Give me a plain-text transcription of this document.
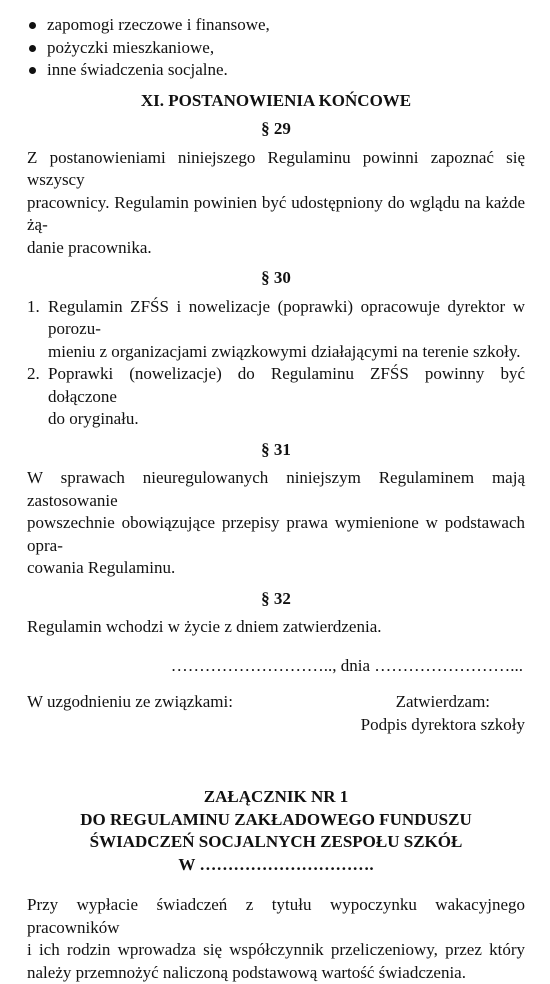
zapomogi rzeczowe i finansowe,
pożyczki mieszkaniowe,
inne świadczenia socjalne.
XI. POSTANOWIENIA KOŃCOWE
§ 29

Z postanowieniami niniejszego Regulaminu powinni zapoznać się wszyscy

pracownicy. Regulamin powinien być udostępniony do wglądu na każde żą-

danie pracownika.

§ 30
1. Regulamin ZFŚS i nowelizacje (poprawki) opracowuje dyrektor w porozu-
mieniu z organizacjami związkowymi działającymi na terenie szkoły.
2. Poprawki (nowelizacje) do Regulaminu ZFŚS powinny być dołączone
do oryginału.
§ 31

W sprawach nieuregulowanych niniejszym Regulaminem mają zastosowanie

powszechnie obowiązujące przepisy prawa wymienione w podstawach opra-

cowania Regulaminu.

§ 32

Regulamin wchodzi w życie z dniem zatwierdzenia.

……………………….., dnia ……………………...
W uzgodnieniu ze związkami:	Zatwierdzam:
Podpis dyrektora szkoły
ZAŁĄCZNIK NR 1
DO REGULAMINU ZAKŁADOWEGO FUNDUSZU
ŚWIADCZEŃ SOCJALNYCH ZESPOŁU SZKÓŁ
W ………………………….

Przy wypłacie świadczeń z tytułu wypoczynku wakacyjnego pracowników

i ich rodzin wprowadza się współczynnik przeliczeniowy, przez który

należy przemnożyć naliczoną podstawową wartość świadczenia.
